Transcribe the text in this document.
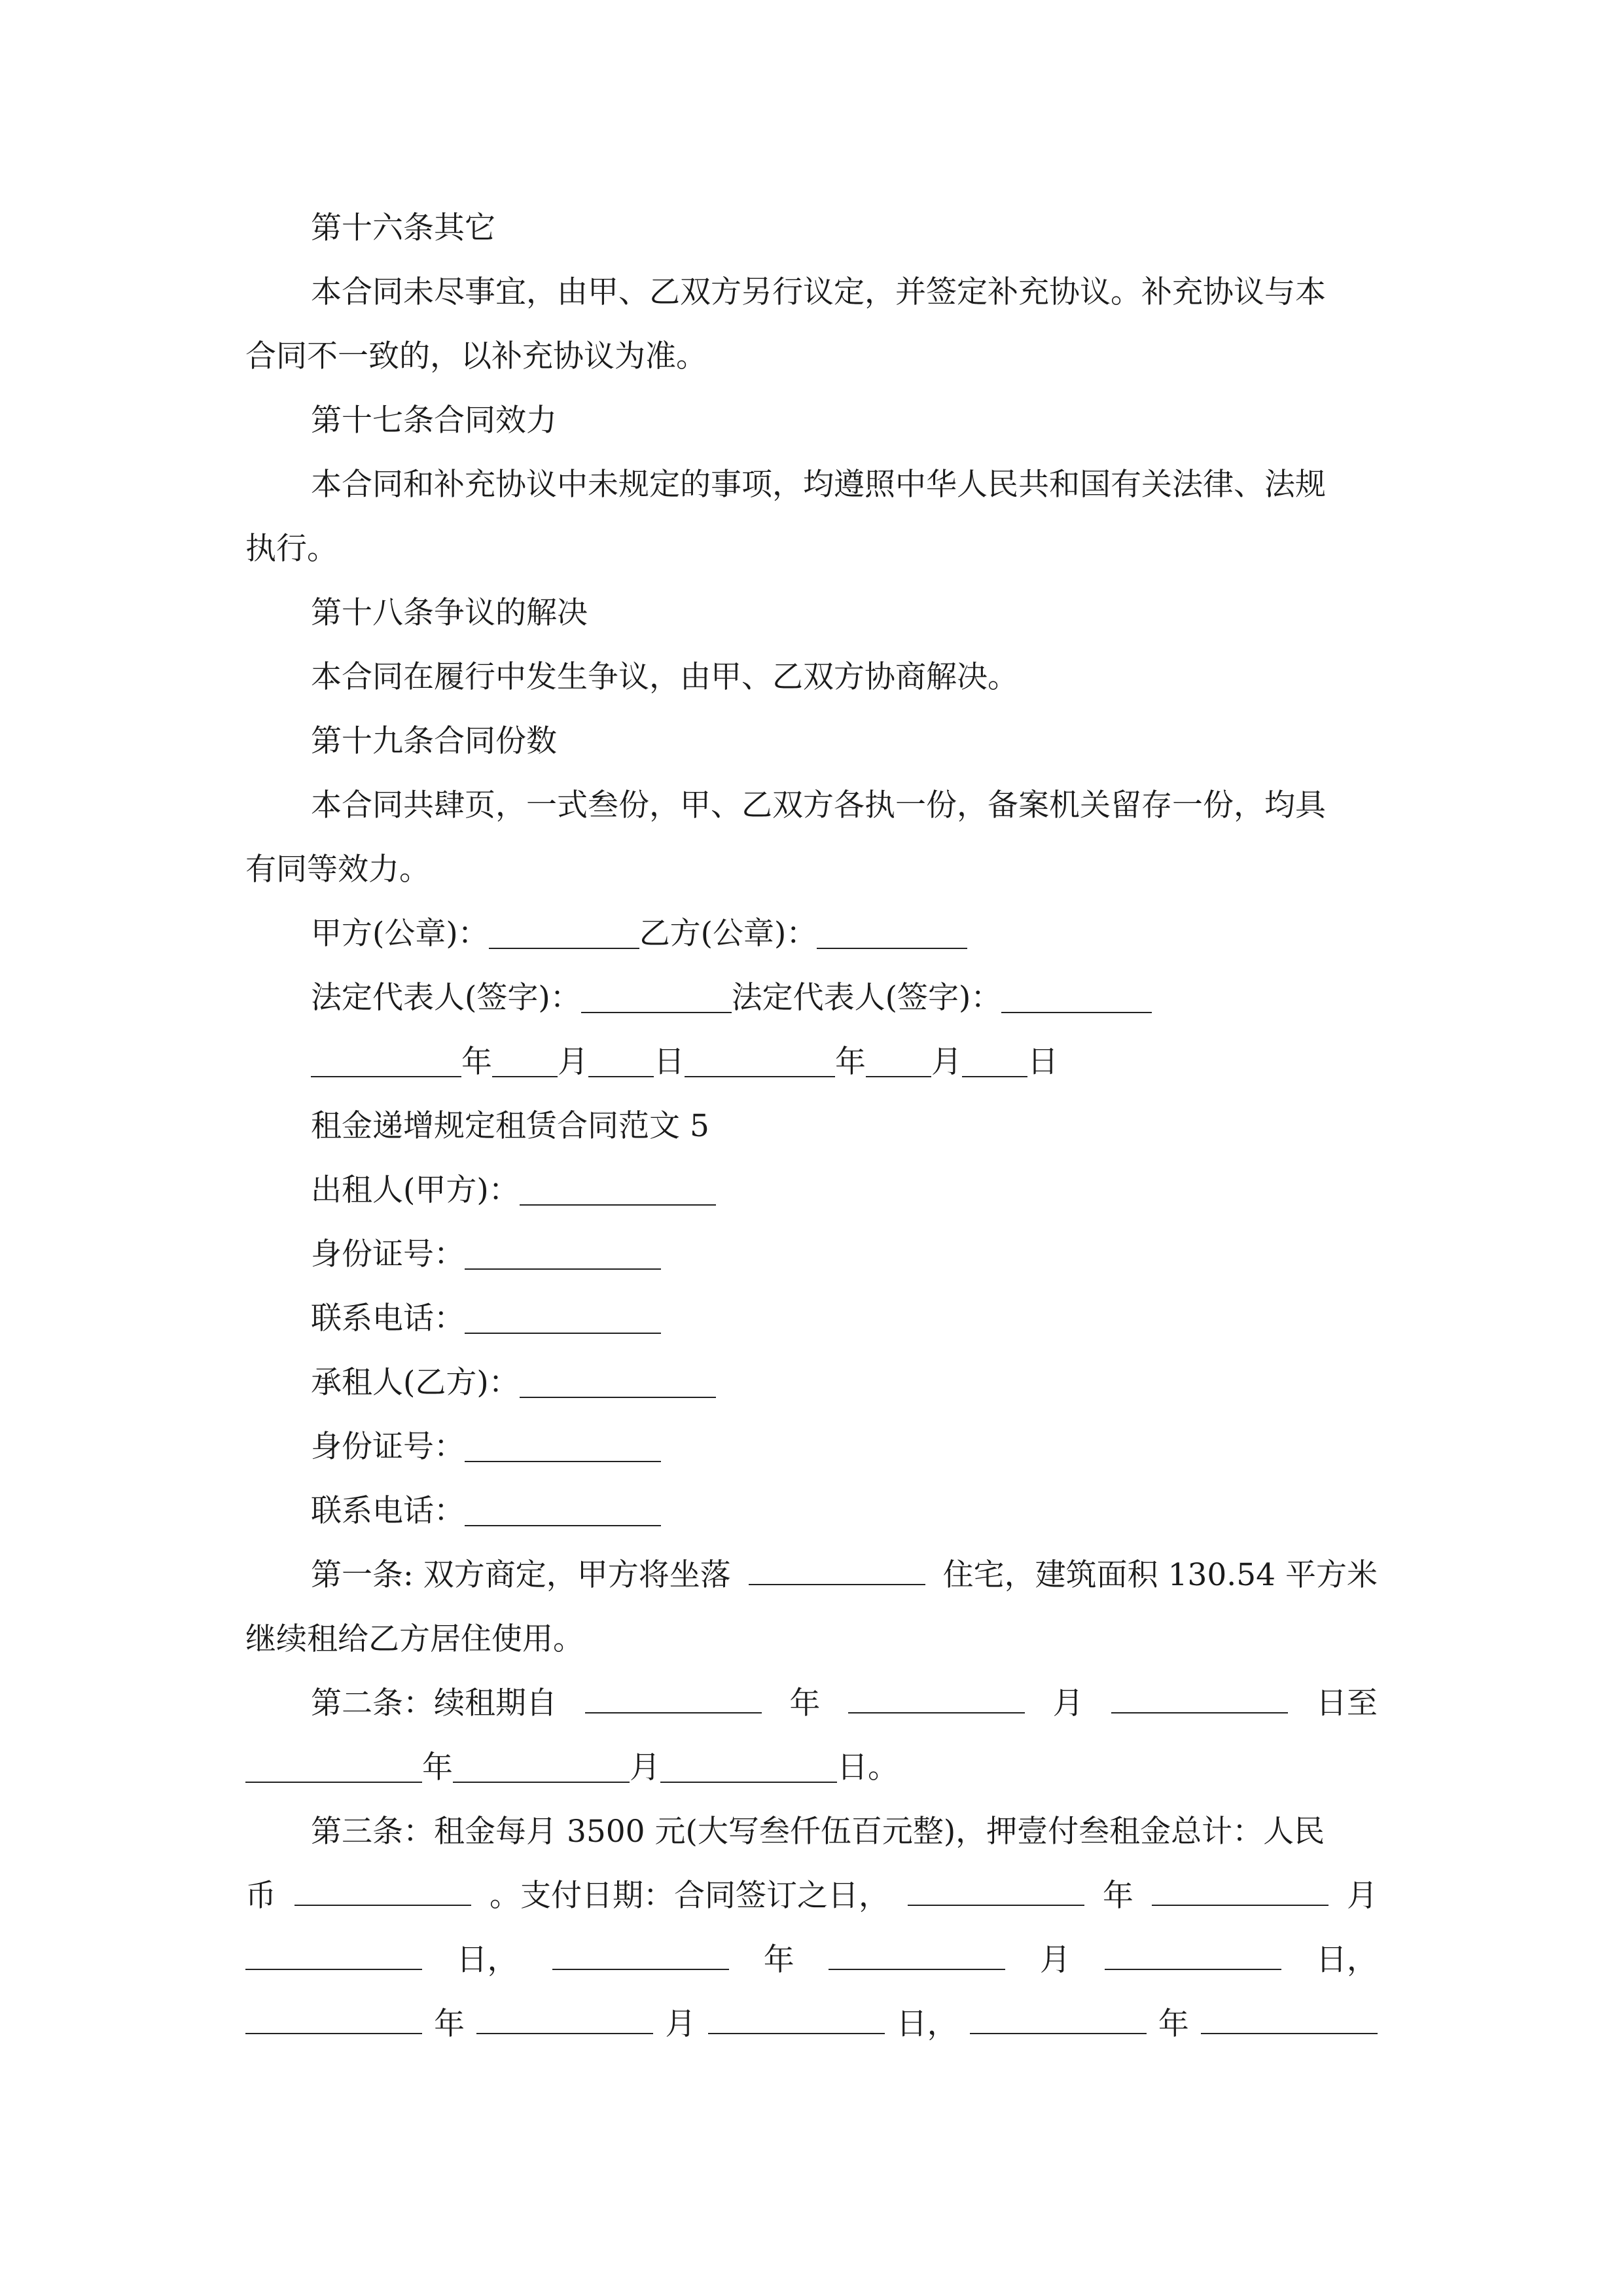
第十六条其它
本合同未尽事宜，由甲、乙双方另行议定，并签定补充协议。补充协议与本
合同不一致的，以补充协议为准。
第十七条合同效力
本合同和补充协议中未规定的事项，均遵照中华人民共和国有关法律、法规
执行。
第十八条争议的解决
本合同在履行中发生争议，由甲、乙双方协商解决。
第十九条合同份数
本合同共肆页，一式叁份，甲、乙双方各执一份，备案机关留存一份，均具
有同等效力。
甲方(公章)：	乙方(公章)：
法定代表人(签字)：	法定代表人(签字)：
年 月 日	年 月 日
租金递增规定租赁合同范文 5
出租人(甲方)：
身份证号：
联系电话：
承租人(乙方)：
身份证号：
联系电话：
第一条: 双方商定，甲方将坐落	住宅，建筑面积 130.54 平方米
继续租给乙方居住使用。
第二条：续租期自	年	月	日至
年	月	日。
第三条：租金每月 3500 元(大写叁仟伍百元整)，押壹付叁租金总计：人民
币	。支付日期：合同签订之日，	年	月
日，	年	月	日，
年	月	日，	年
